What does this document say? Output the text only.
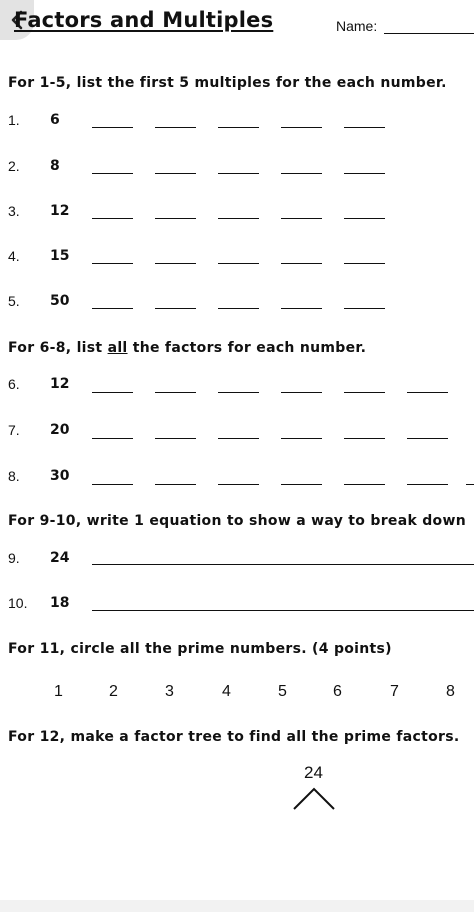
Factors and Multiples	Name:
For 1-5, list the first 5 multiples for the each number.
1. 6
2. 8
3. 12
4. 15
5. 50
For 6-8, list all the factors for each number.
6. 12
7. 20
8. 30
For 9-10, write 1 equation to show a way to break down
9. 24
10. 18
For 11, circle all the prime numbers. (4 points)
1	2	3	4	5	6	7	8
For 12, make a factor tree to find all the prime factors.
24
